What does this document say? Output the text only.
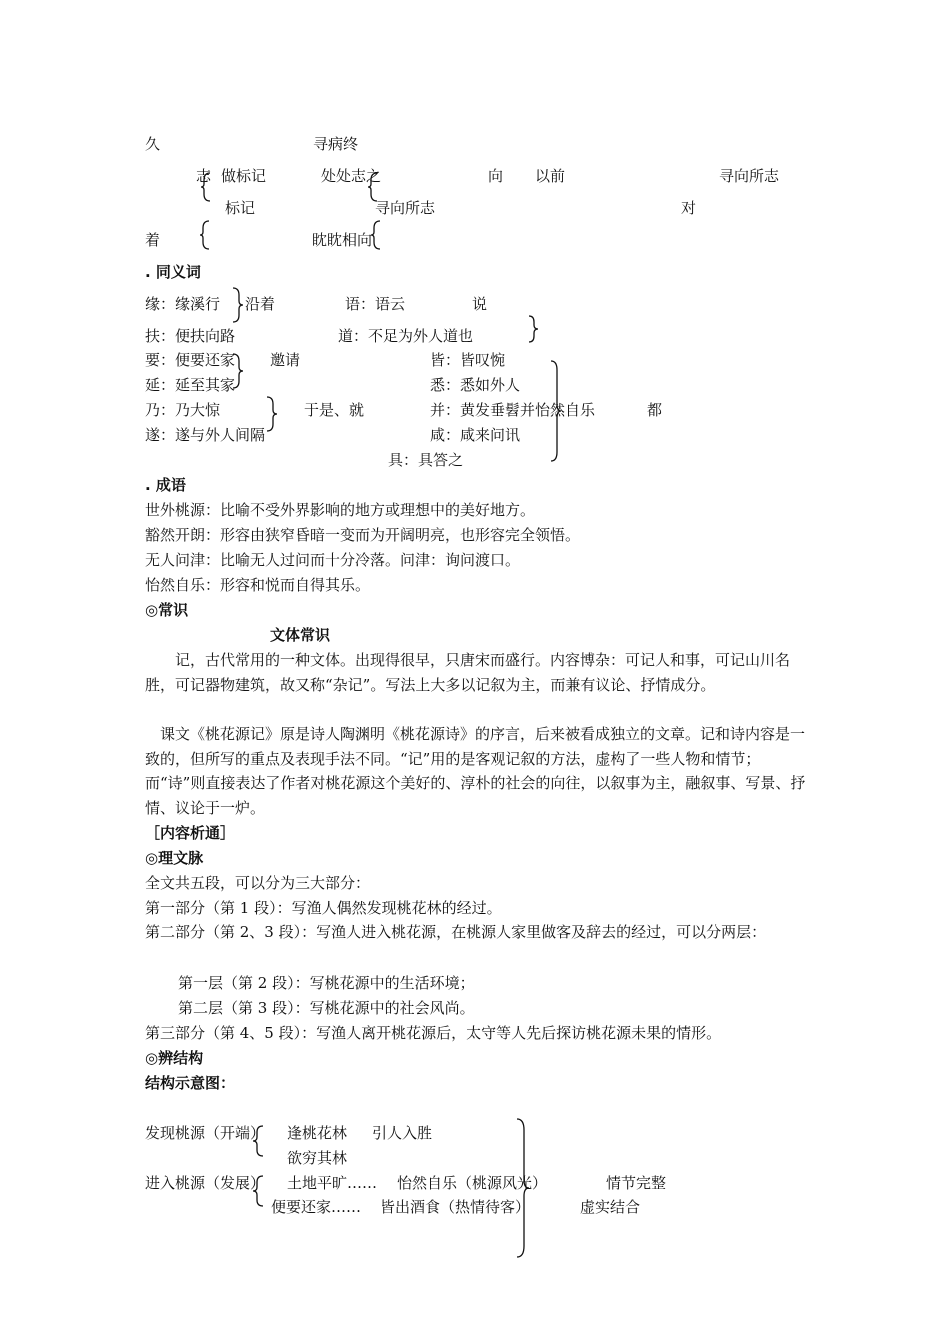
久	寻病终
志 做标记	处处志之	向 以前	寻向所志
标记	寻向所志	对
着	眈眈相向
. 同义词
缘：缘溪行 沿着	语：语云	说
扶：便扶向路	道：不足为外人道也
要：便要还家 邀请	皆：皆叹惋
延：延至其家	悉：悉如外人
乃：乃大惊	于是、就	并：黄发垂髫并怡然自乐	都
遂：遂与外人间隔	咸：咸来问讯
具：具答之
. 成语
世外桃源：比喻不受外界影响的地方或理想中的美好地方。
豁然开朗：形容由狭窄昏暗一变而为开阔明亮，也形容完全领悟。
无人问津：比喻无人过问而十分冷落。问津：询问渡口。
怡然自乐：形容和悦而自得其乐。
◎常识
文体常识
记，古代常用的一种文体。出现得很早，只唐宋而盛行。内容博杂：可记人和事，可记山川名胜，可记器物建筑，故又称“杂记”。写法上大多以记叙为主，而兼有议论、抒情成分。
课文《桃花源记》原是诗人陶渊明《桃花源诗》的序言，后来被看成独立的文章。记和诗内容是一致的，但所写的重点及表现手法不同。“记”用的是客观记叙的方法，虚构了一些人物和情节；而“诗”则直接表达了作者对桃花源这个美好的、淳朴的社会的向往，以叙事为主，融叙事、写景、抒情、议论于一炉。
［内容析通］
◎理文脉
全文共五段，可以分为三大部分：
第一部分（第 1 段）：写渔人偶然发现桃花林的经过。
第二部分（第 2、3 段）：写渔人进入桃花源，在桃源人家里做客及辞去的经过，可以分两层：
第一层（第 2 段）：写桃花源中的生活环境；
第二层（第 3 段）：写桃花源中的社会风尚。
第三部分（第 4、5 段）：写渔人离开桃花源后，太守等人先后探访桃花源未果的情形。
◎辨结构
结构示意图：
发现桃源（开端） 逢桃花林 引人入胜
欲穷其林
进入桃源（发展） 土地平旷…… 怡然自乐（桃源风光）	情节完整
便要还家…… 皆出酒食（热情待客）	虚实结合
